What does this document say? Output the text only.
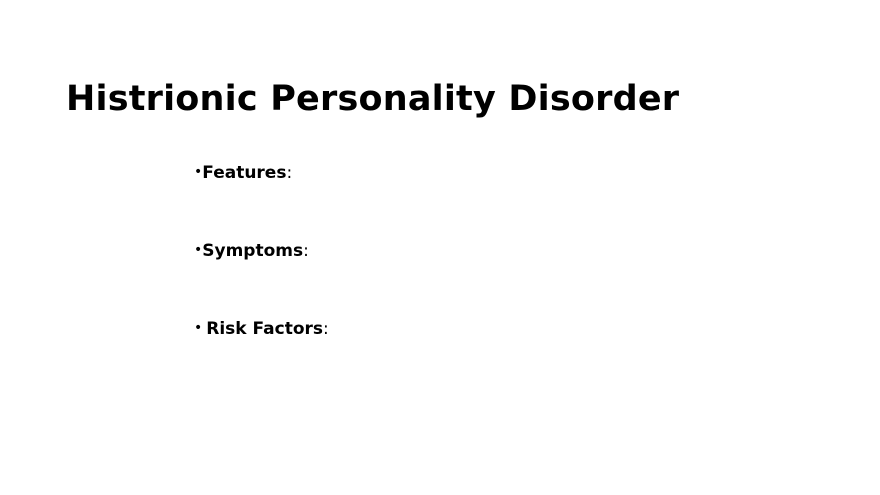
Histrionic Personality Disorder
•Features:
•Symptoms:
•Risk Factors:
